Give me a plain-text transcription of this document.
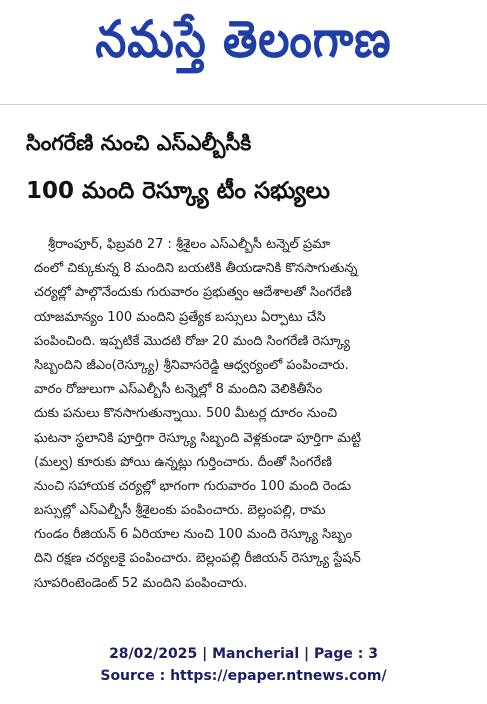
నమస్తే తెలంగాణ
సింగరేణి నుంచి ఎస్ఎల్బీసీకి
100 మంది రెస్క్యూ టీం సభ్యులు
శ్రీరాంపూర్, ఫిబ్రవరి 27 : శ్రీశైలం ఎస్ఎల్బీసీ టన్నెల్ ప్రమా
దంలో చిక్కుకున్న 8 మందిని బయటికి తీయడానికి కొనసాగుతున్న
చర్యల్లో పాల్గొనేందుకు గురువారం ప్రభుత్వం ఆదేశాలతో సింగరేణి
యాజమాన్యం 100 మందిని ప్రత్యేక బస్సులు ఏర్పాటు చేసి
పంపించింది. ఇప్పటికే మొదటి రోజు 20 మంది సింగరేణి రెస్క్యూ
సిబ్బందిని జీఎం(రెస్క్యూ) శ్రీనివాసరెడ్డి ఆధ్వర్యంలో పంపించారు.
వారం రోజులుగా ఎస్ఎల్బీసీ టన్నెల్లో 8 మందిని వెలికితీసేం
దుకు పనులు కొనసాగుతున్నాయి. 500 మీటర్ల దూరం నుంచి
ఘటనా స్థలానికి పూర్తిగా రెస్క్యూ సిబ్బంది వెళ్లకుండా పూర్తిగా మట్టి
(మల్వ) కూరుకు పోయి ఉన్నట్లు గుర్తించారు. దీంతో సింగరేణి
నుంచి సహాయక చర్యల్లో భాగంగా గురువారం 100 మంది రెండు
బస్సుల్లో ఎస్ఎల్బీసీ శ్రీశైలంకు పంపించారు. బెల్లంపల్లి, రామ
గుండం రీజియన్ 6 ఏరియాల నుంచి 100 మంది రెస్క్యూ సిబ్బం
దిని రక్షణ చర్యలకై పంపించారు. బెల్లంపల్లి రీజియన్ రెస్క్యూ స్టేషన్
సూపరింటెండెంట్ 52 మందిని పంపించారు.
28/02/2025 | Mancherial | Page : 3
Source : https://epaper.ntnews.com/
